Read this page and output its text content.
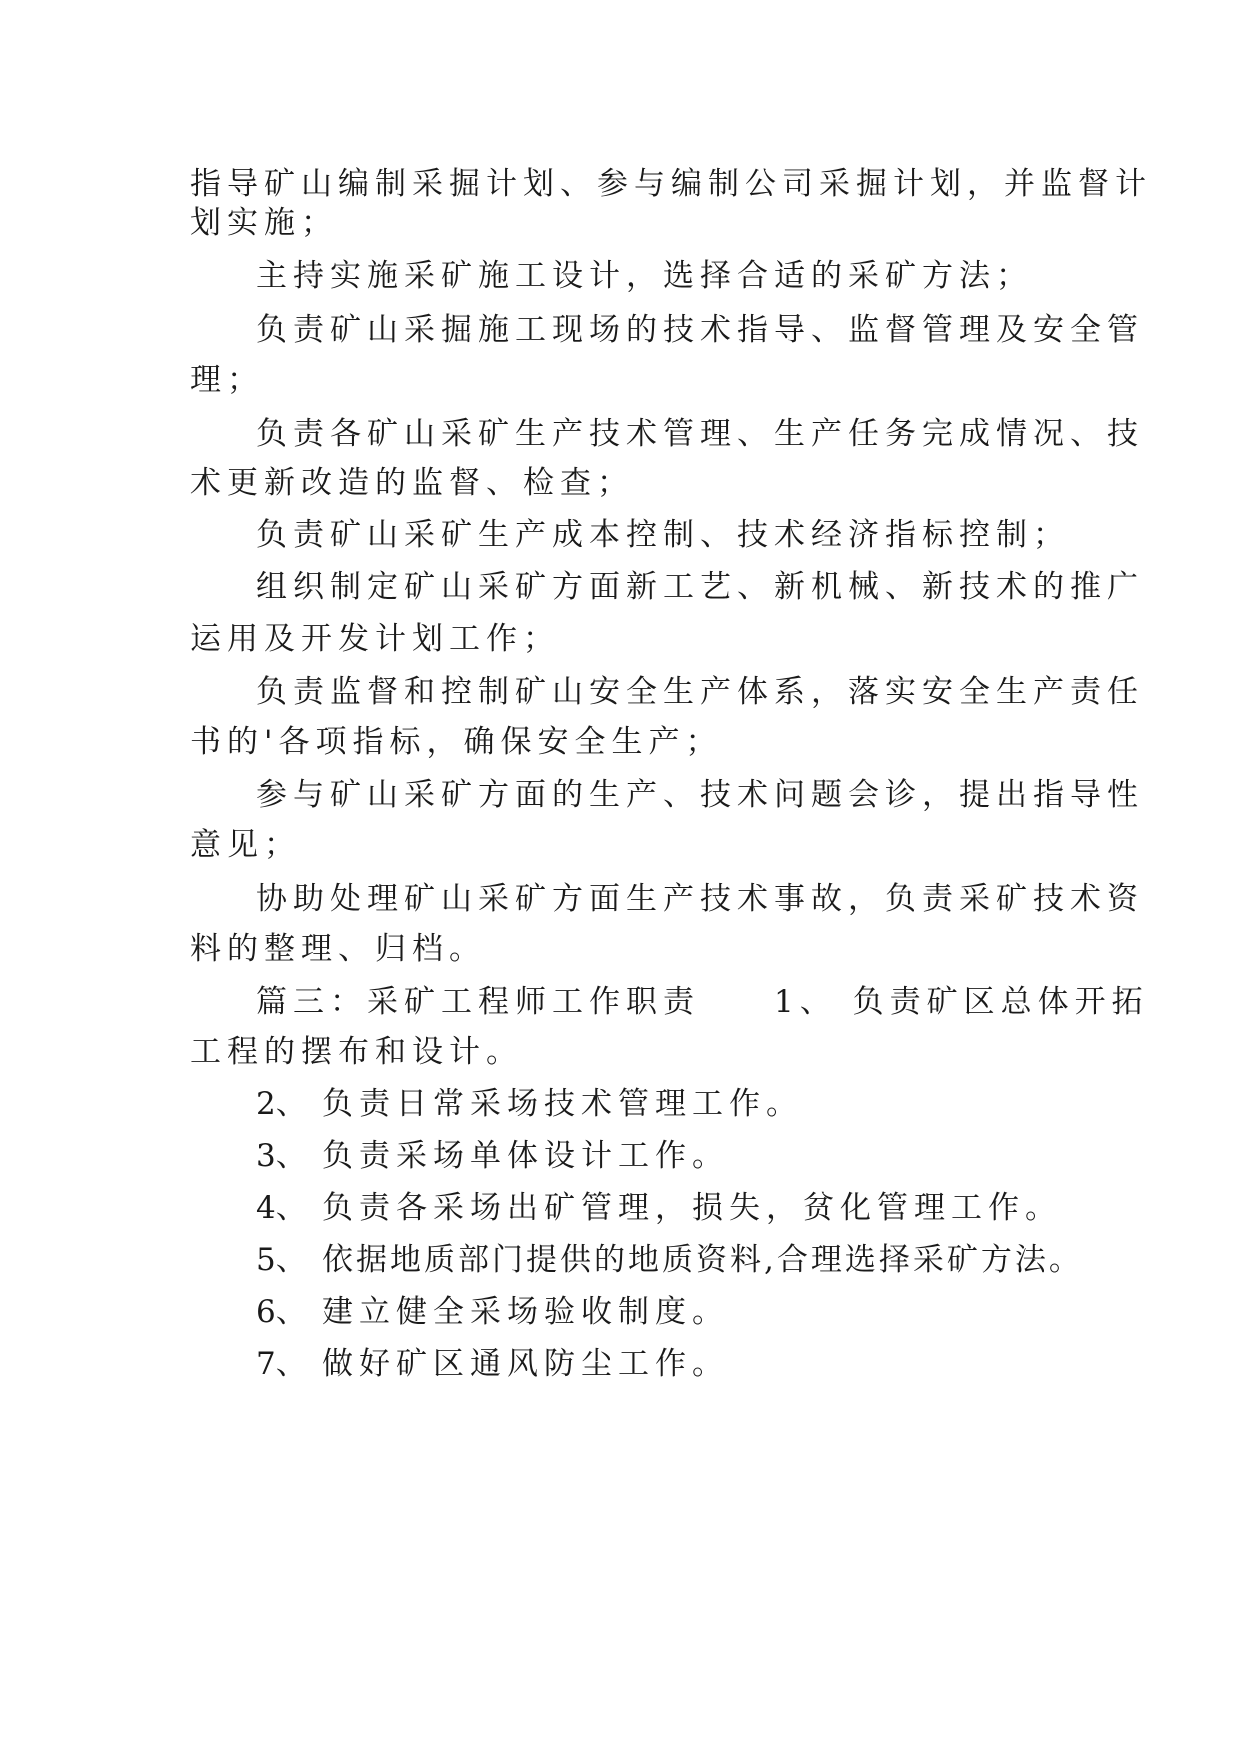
指导矿山编制采掘计划、参与编制公司采掘计划，并监督计
划实施；
主持实施采矿施工设计，选择合适的采矿方法；
负责矿山采掘施工现场的技术指导、监督管理及安全管
理；
负责各矿山采矿生产技术管理、生产任务完成情况、技
术更新改造的监督、检查；
负责矿山采矿生产成本控制、技术经济指标控制；
组织制定矿山采矿方面新工艺、新机械、新技术的推广
运用及开发计划工作；
负责监督和控制矿山安全生产体系，落实安全生产责任
书的'各项指标，确保安全生产；
参与矿山采矿方面的生产、技术问题会诊，提出指导性
意见；
协助处理矿山采矿方面生产技术事故，负责采矿技术资
料的整理、归档。
篇三：采矿工程师工作职责　　1、 负责矿区总体开拓
工程的摆布和设计。
2、 负责日常采场技术管理工作。
3、 负责采场单体设计工作。
4、 负责各采场出矿管理，损失，贫化管理工作。
5、 依据地质部门提供的地质资料,合理选择采矿方法。
6、 建立健全采场验收制度。
7、 做好矿区通风防尘工作。
